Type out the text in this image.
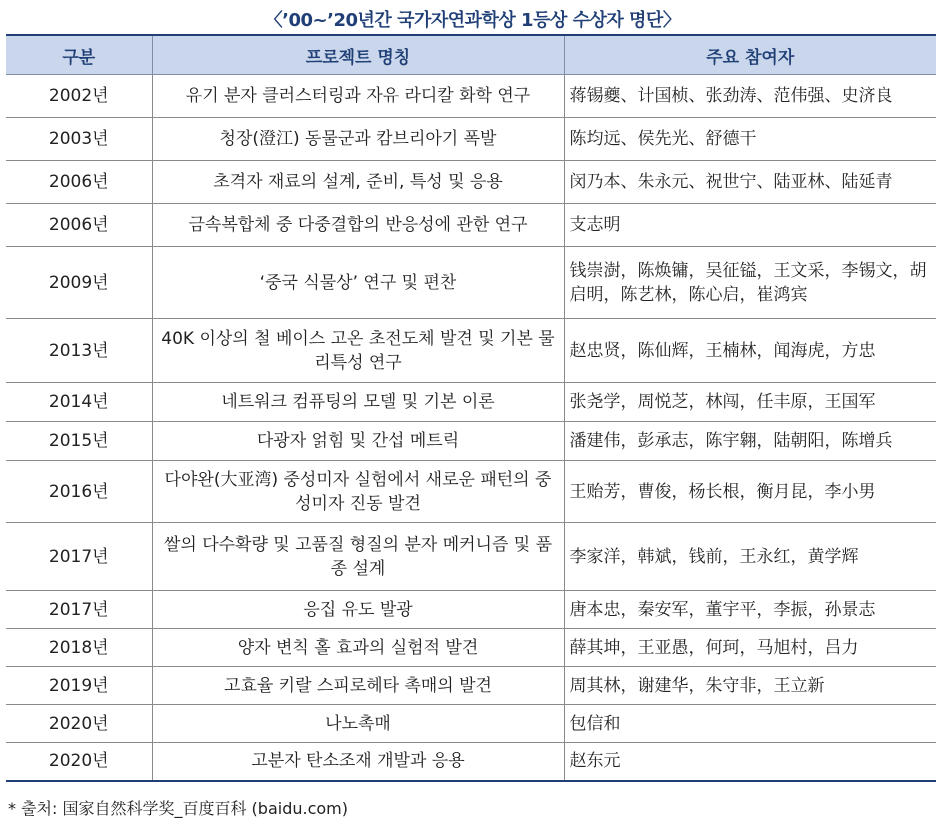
〈’00~’20년간 국가자연과학상 1등상 수상자 명단〉
구분	프로젝트 명칭	주요 참여자
2002년	유기 분자 클러스터링과 자유 라디칼 화학 연구	蒋锡夔、计国桢、张劲涛、范伟强、史济良
2003년	청장(澄江) 동물군과 캄브리아기 폭발	陈均远、侯先光、舒德干
2006년	초격자 재료의 설계, 준비, 특성 및 응용	闵乃本、朱永元、祝世宁、陆亚林、陆延青
2006년	금속복합체 중 다중결합의 반응성에 관한 연구	支志明
2009년	‘중국 식물상’ 연구 및 편찬	钱崇澍，陈焕镛，吴征镒，王文采，李锡文，胡启明，陈艺林，陈心启，崔鸿宾
2013년	40K 이상의 철 베이스 고온 초전도체 발견 및 기본 물리특성 연구	赵忠贤，陈仙辉，王楠林，闻海虎，方忠
2014년	네트워크 컴퓨팅의 모델 및 기본 이론	张尧学，周悦芝，林闯，任丰原，王国军
2015년	다광자 얽힘 및 간섭 메트릭	潘建伟，彭承志，陈宇翱，陆朝阳，陈增兵
2016년	다야완(大亚湾) 중성미자 실험에서 새로운 패턴의 중성미자 진동 발견	王贻芳，曹俊，杨长根，衡月昆，李小男
2017년	쌀의 다수확량 및 고품질 형질의 분자 메커니즘 및 품종 설계	李家洋，韩斌，钱前，王永红，黄学辉
2017년	응집 유도 발광	唐本忠，秦安军，董宇平，李振，孙景志
2018년	양자 변칙 홀 효과의 실험적 발견	薛其坤，王亚愚，何珂，马旭村，吕力
2019년	고효율 키랄 스피로헤타 촉매의 발견	周其林，谢建华，朱守非，王立新
2020년	나노촉매	包信和
2020년	고분자 탄소조재 개발과 응용	赵东元
* 출처: 国家自然科学奖_百度百科 (baidu.com)
